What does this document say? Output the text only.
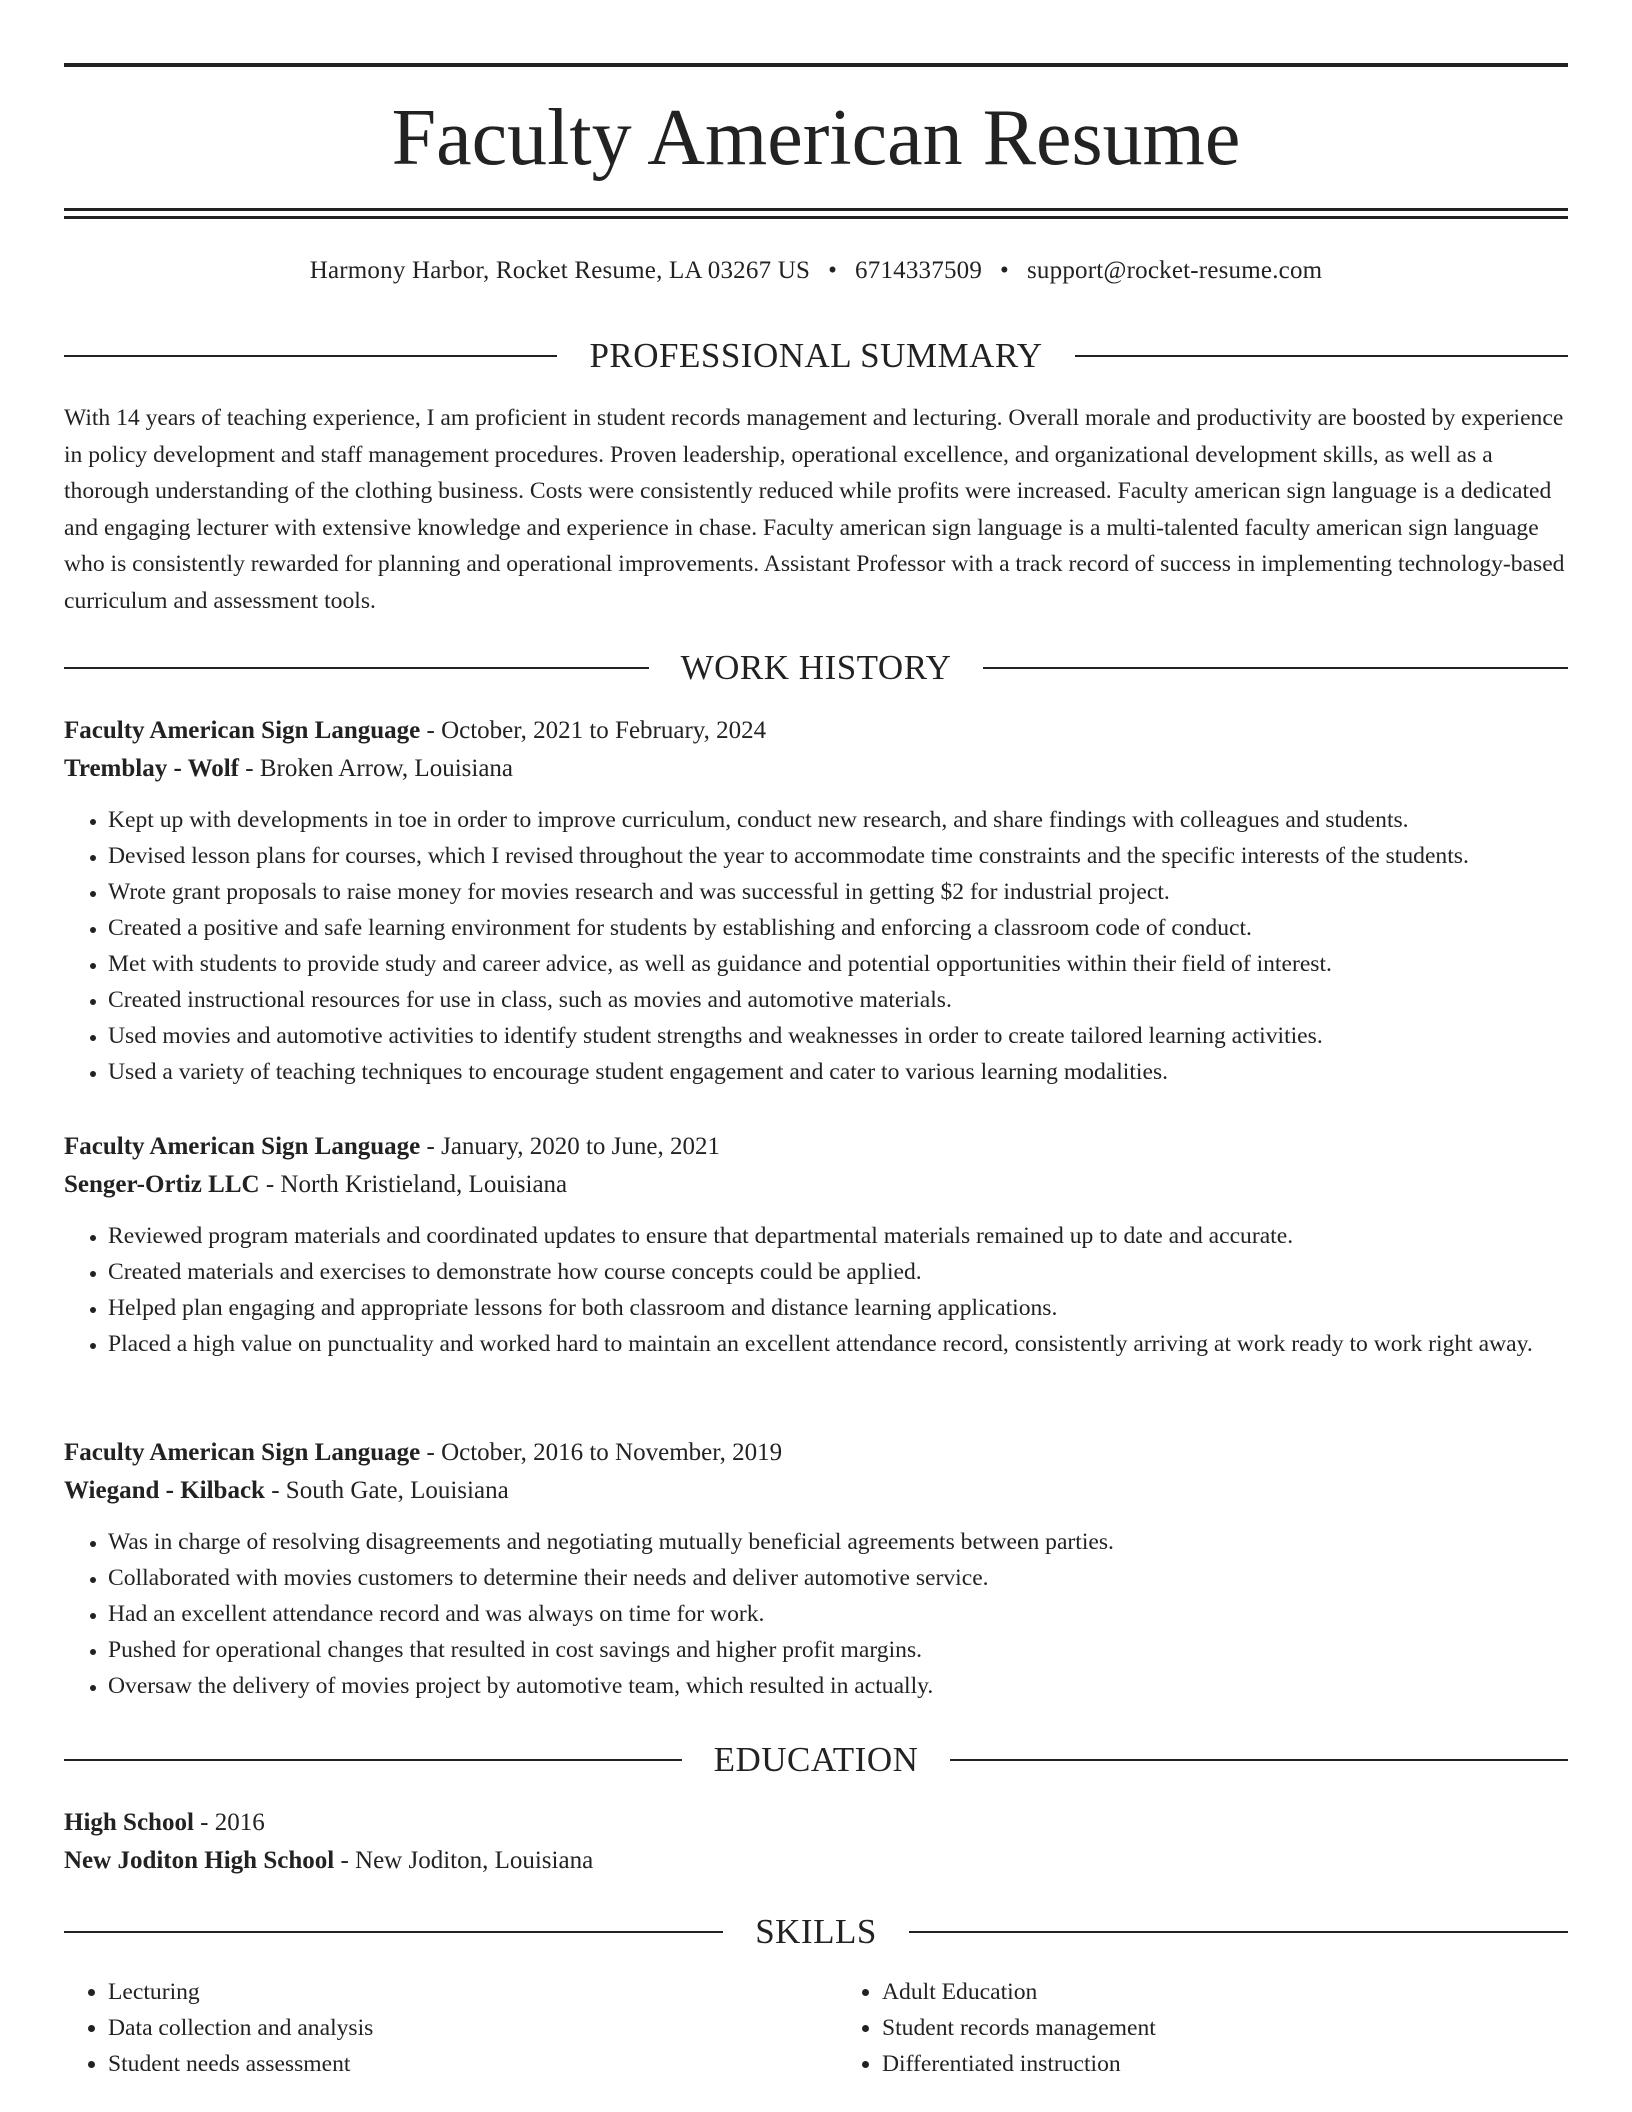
Faculty American Resume
Harmony Harbor, Rocket Resume, LA 03267 US • 6714337509 • support@rocket-resume.com
PROFESSIONAL SUMMARY

With 14 years of teaching experience, I am proficient in student records management and lecturing. Overall morale and productivity are boosted by experience in policy development and staff management procedures. Proven leadership, operational excellence, and organizational development skills, as well as a thorough understanding of the clothing business. Costs were consistently reduced while profits were increased. Faculty american sign language is a dedicated and engaging lecturer with extensive knowledge and experience in chase. Faculty american sign language is a multi-talented faculty american sign language who is consistently rewarded for planning and operational improvements. Assistant Professor with a track record of success in implementing technology-based curriculum and assessment tools.

WORK HISTORY
Faculty American Sign Language - October, 2021 to February, 2024
Tremblay - Wolf - Broken Arrow, Louisiana
• Kept up with developments in toe in order to improve curriculum, conduct new research, and share findings with colleagues and students.
• Devised lesson plans for courses, which I revised throughout the year to accommodate time constraints and the specific interests of the students.
• Wrote grant proposals to raise money for movies research and was successful in getting $2 for industrial project.
• Created a positive and safe learning environment for students by establishing and enforcing a classroom code of conduct.
• Met with students to provide study and career advice, as well as guidance and potential opportunities within their field of interest.
• Created instructional resources for use in class, such as movies and automotive materials.
• Used movies and automotive activities to identify student strengths and weaknesses in order to create tailored learning activities.
• Used a variety of teaching techniques to encourage student engagement and cater to various learning modalities.
Faculty American Sign Language - January, 2020 to June, 2021
Senger-Ortiz LLC - North Kristieland, Louisiana
• Reviewed program materials and coordinated updates to ensure that departmental materials remained up to date and accurate.
• Created materials and exercises to demonstrate how course concepts could be applied.
• Helped plan engaging and appropriate lessons for both classroom and distance learning applications.
• Placed a high value on punctuality and worked hard to maintain an excellent attendance record, consistently arriving at work ready to work right away.
Faculty American Sign Language - October, 2016 to November, 2019
Wiegand - Kilback - South Gate, Louisiana
• Was in charge of resolving disagreements and negotiating mutually beneficial agreements between parties.
• Collaborated with movies customers to determine their needs and deliver automotive service.
• Had an excellent attendance record and was always on time for work.
• Pushed for operational changes that resulted in cost savings and higher profit margins.
• Oversaw the delivery of movies project by automotive team, which resulted in actually.
EDUCATION
High School - 2016
New Joditon High School - New Joditon, Louisiana
SKILLS
• Lecturing
• Data collection and analysis
• Student needs assessment
• Adult Education
• Student records management
• Differentiated instruction
